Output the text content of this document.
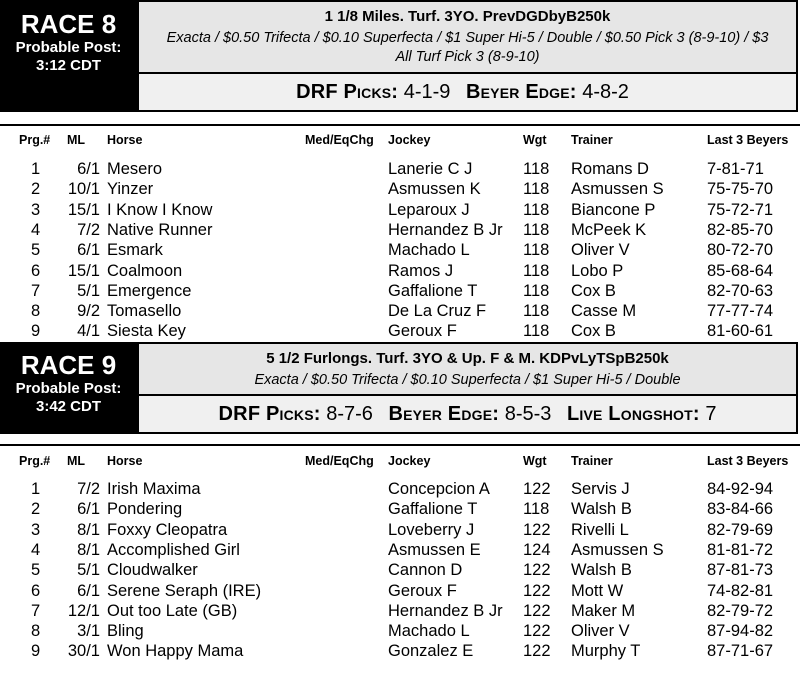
RACE 8
Probable Post:
3:12 CDT
1 1/8 Miles. Turf. 3YO. PrevDGDbyB250k
Exacta / $0.50 Trifecta / $0.10 Superfecta / $1 Super Hi-5 / Double / $0.50 Pick 3 (8-9-10) / $3 All Turf Pick 3 (8-9-10)
DRF Picks: 4-1-9 Beyer Edge: 4-8-2
Prg.# ML Horse	Med/EqChg Jockey	Wgt Trainer	Last 3 Beyers
1 6/1 Mesero	Lanerie C J	118 Romans D	7-81-71
2 10/1 Yinzer	Asmussen K	118 Asmussen S	75-75-70
3 15/1 I Know I Know	Leparoux J	118 Biancone P	75-72-71
4 7/2 Native Runner	Hernandez B Jr 118 McPeek K	82-85-70
5 6/1 Esmark	Machado L	118 Oliver V	80-72-70
6 15/1 Coalmoon	Ramos J	118 Lobo P	85-68-64
7 5/1 Emergence	Gaffalione T	118 Cox B	82-70-63
8 9/2 Tomasello	De La Cruz F 118 Casse M	77-77-74
9 4/1 Siesta Key	Geroux F	118 Cox B	81-60-61
RACE 9
Probable Post:
3:42 CDT
5 1/2 Furlongs. Turf. 3YO & Up. F & M. KDPvLyTSpB250k
Exacta / $0.50 Trifecta / $0.10 Superfecta / $1 Super Hi-5 / Double
DRF Picks: 8-7-6 Beyer Edge: 8-5-3 Live Longshot: 7
Prg.# ML Horse	Med/EqChg Jockey	Wgt Trainer	Last 3 Beyers
1 7/2 Irish Maxima	Concepcion A 122 Servis J	84-92-94
2 6/1 Pondering	Gaffalione T	118 Walsh B	83-84-66
3 8/1 Foxxy Cleopatra	Loveberry J	122 Rivelli L	82-79-69
4 8/1 Accomplished Girl	Asmussen E	124 Asmussen S	81-81-72
5 5/1 Cloudwalker	Cannon D	122 Walsh B	87-81-73
6 6/1 Serene Seraph (IRE)	Geroux F	122 Mott W	74-82-81
7 12/1 Out too Late (GB)	Hernandez B Jr 122 Maker M	82-79-72
8 3/1 Bling	Machado L	122 Oliver V	87-94-82
9 30/1 Won Happy Mama	Gonzalez E	122 Murphy T	87-71-67
